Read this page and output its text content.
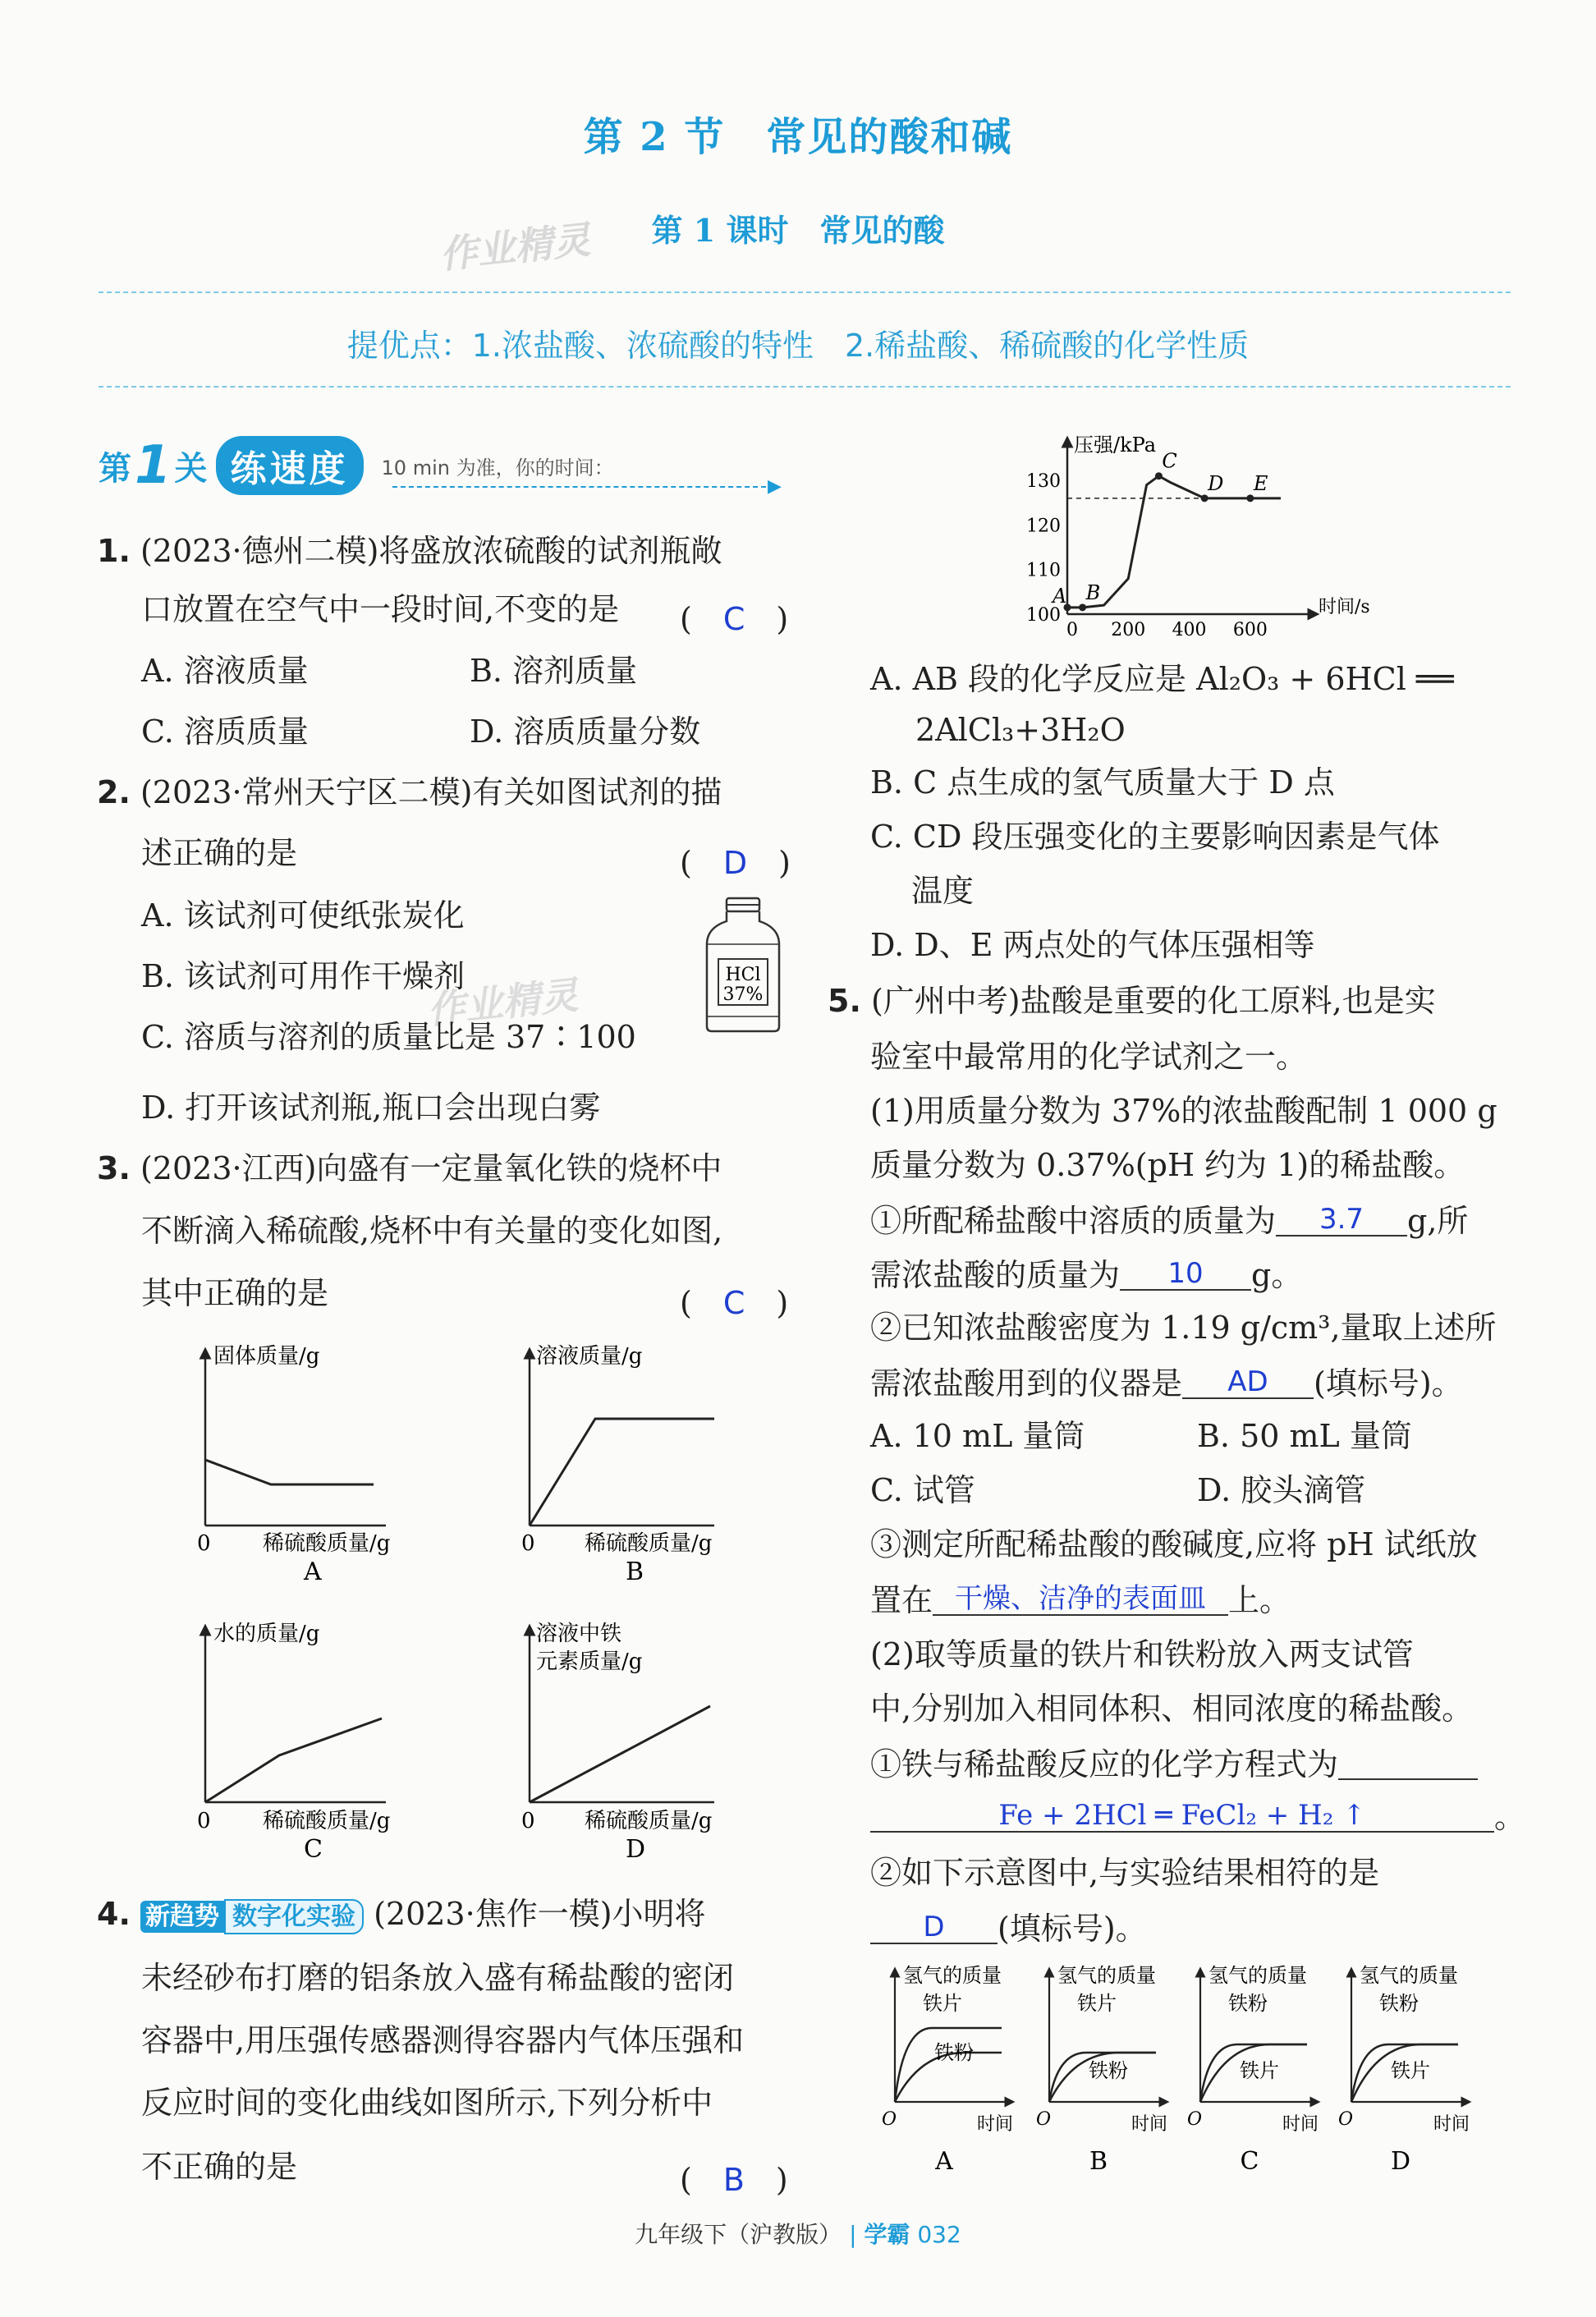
第 2 节　常见的酸和碱
作业精灵	第 1 课时　常见的酸
提优点：1.浓盐酸、浓硫酸的特性　2.稀盐酸、稀硫酸的化学性质
第 1 关 练速度	10 min 为准，你的时间：
▶
1. (2023·德州二模)将盛放浓硫酸的试剂瓶敞
口放置在空气中一段时间,不变的是 (　C　)
A. 溶液质量	B. 溶剂质量
C. 溶质质量	D. 溶质质量分数
2. (2023·常州天宁区二模)有关如图试剂的描
述正确的是	(　D　)
A. 该试剂可使纸张炭化
B. 该试剂可用作干燥剂
作业精灵
C. 溶质与溶剂的质量比是 37∶100
D. 打开该试剂瓶,瓶口会出现白雾
HCl
37%
3. (2023·江西)向盛有一定量氧化铁的烧杯中
不断滴入稀硫酸,烧杯中有关量的变化如图,
其中正确的是	(　C　)
固体质量/g
0 稀硫酸质量/g
A
溶液质量/g
0 稀硫酸质量/g
B
水的质量/g
0 稀硫酸质量/g
C
溶液中铁
元素质量/g
0 稀硫酸质量/g
D
4. 新趋势 数字化实验 (2023·焦作一模)小明将
未经砂布打磨的铝条放入盛有稀盐酸的密闭
容器中,用压强传感器测得容器内气体压强和
反应时间的变化曲线如图所示,下列分析中
不正确的是	(　B　)
压强/kPa
时间/s
130
120
110
100
0 200 400 600
A B
C
D E
A. AB 段的化学反应是 Al₂O₃ + 6HCl ══
2AlCl₃+3H₂O
B. C 点生成的氢气质量大于 D 点
C. CD 段压强变化的主要影响因素是气体
温度
D. D、E 两点处的气体压强相等
5. (广州中考)盐酸是重要的化工原料,也是实
验室中最常用的化学试剂之一。
(1)用质量分数为 37%的浓盐酸配制 1 000 g
质量分数为 0.37%(pH 约为 1)的稀盐酸。
①所配稀盐酸中溶质的质量为 3.7 g,所
需浓盐酸的质量为 10 g。
②已知浓盐酸密度为 1.19 g/cm³,量取上述所
需浓盐酸用到的仪器是 AD (填标号)。
A. 10 mL 量筒	B. 50 mL 量筒
C. 试管	D. 胶头滴管
③测定所配稀盐酸的酸碱度,应将 pH 试纸放
置在 干燥、洁净的表面皿 上。
(2)取等质量的铁片和铁粉放入两支试管
中,分别加入相同体积、相同浓度的稀盐酸。
①铁与稀盐酸反应的化学方程式为
Fe + 2HCl ═ FeCl₂ + H₂ ↑	。
②如下示意图中,与实验结果相符的是
D (填标号)。
氢气的质量
O	时间
A
铁片
铁粉
氢气的质量
O	时间
B
铁片
铁粉
氢气的质量
O	时间
C
铁粉
铁片
氢气的质量
O	时间
D
铁粉
铁片
九年级下（沪教版） | 学霸 032
